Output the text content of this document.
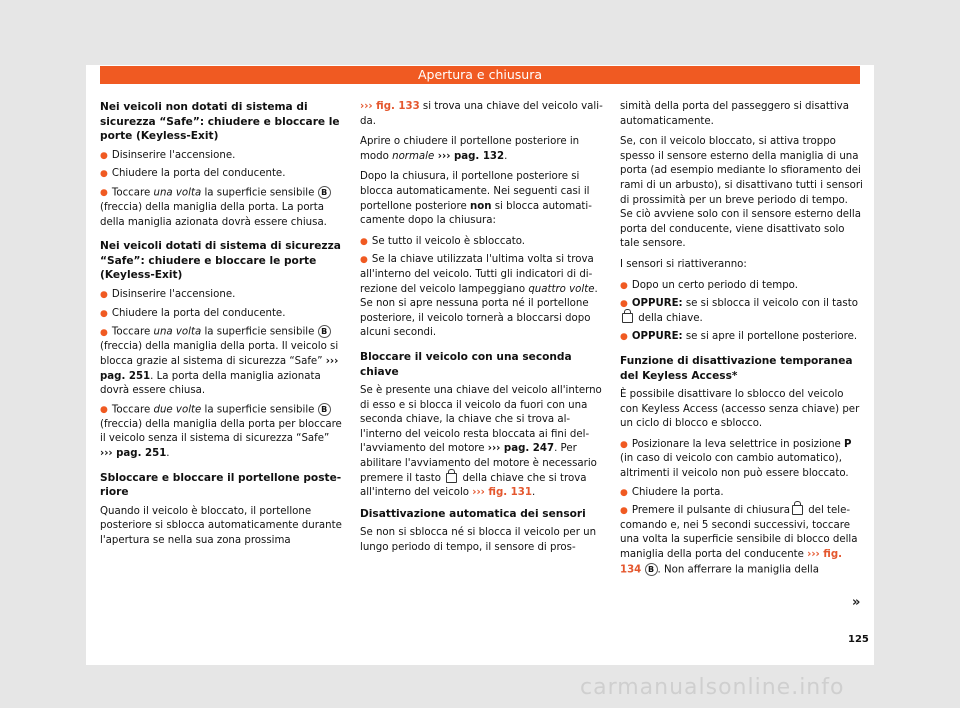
Apertura e chiusura
Nei veicoli non dotati di sistema di sicurezza “Safe”: chiudere e bloccare le porte (Keyless-Exit)
● Disinserire l'accensione.
● Chiudere la porta del conducente.
● Toccare una volta la superficie sensibile B (freccia) della maniglia della porta. La porta della maniglia azionata dovrà essere chiusa.
Nei veicoli dotati di sistema di sicurezza “Safe”: chiudere e bloccare le porte (Keyless-Exit)
● Disinserire l'accensione.
● Chiudere la porta del conducente.
● Toccare una volta la superficie sensibile B (freccia) della maniglia della porta. Il veicolo si blocca grazie al sistema di sicurezza “Safe” ››› pag. 251. La porta della maniglia azionata dovrà essere chiusa.
● Toccare due volte la superficie sensibile B (freccia) della maniglia della porta per bloccare il veicolo senza il sistema di sicurezza “Safe” ››› pag. 251.
Sbloccare e bloccare il portellone posteriore

Quando il veicolo è bloccato, il portellone posteriore si sblocca automaticamente durante l'apertura se nella sua zona prossima

››› fig. 133 si trova una chiave del veicolo valida.

Aprire o chiudere il portellone posteriore in modo normale ››› pag. 132.

Dopo la chiusura, il portellone posteriore si blocca automaticamente. Nei seguenti casi il portellone posteriore non si blocca automaticamente dopo la chiusura:

● Se tutto il veicolo è sbloccato.
● Se la chiave utilizzata l'ultima volta si trova all'interno del veicolo. Tutti gli indicatori di direzione del veicolo lampeggiano quattro volte. Se non si apre nessuna porta né il portellone posteriore, il veicolo tornerà a bloccarsi dopo alcuni secondi.
Bloccare il veicolo con una seconda chiave

Se è presente una chiave del veicolo all'interno di esso e si blocca il veicolo da fuori con una seconda chiave, la chiave che si trova all'interno del veicolo resta bloccata ai fini dell'avviamento del motore ››› pag. 247. Per abilitare l'avviamento del motore è necessario premere il tasto  della chiave che si trova all'interno del veicolo ››› fig. 131.

Disattivazione automatica dei sensori

Se non si sblocca né si blocca il veicolo per un lungo periodo di tempo, il sensore di pros-

simità della porta del passeggero si disattiva automaticamente.

Se, con il veicolo bloccato, si attiva troppo spesso il sensore esterno della maniglia di una porta (ad esempio mediante lo sfioramento dei rami di un arbusto), si disattivano tutti i sensori di prossimità per un breve periodo di tempo. Se ciò avviene solo con il sensore esterno della porta del conducente, viene disattivato solo tale sensore.

I sensori si riattiveranno:

● Dopo un certo periodo di tempo.
● OPPURE: se si sblocca il veicolo con il tasto  della chiave.
● OPPURE: se si apre il portellone posteriore.
Funzione di disattivazione temporanea del Keyless Access*

È possibile disattivare lo sblocco del veicolo con Keyless Access (accesso senza chiave) per un ciclo di blocco e sblocco.

● Posizionare la leva selettrice in posizione P (in caso di veicolo con cambio automatico), altrimenti il veicolo non può essere bloccato.
● Chiudere la porta.
● Premere il pulsante di chiusura del telecomando e, nei 5 secondi successivi, toccare una volta la superficie sensibile di blocco della maniglia della porta del conducente ››› fig. 134 B . Non afferrare la maniglia della
»
125
carmanualsonline.info
